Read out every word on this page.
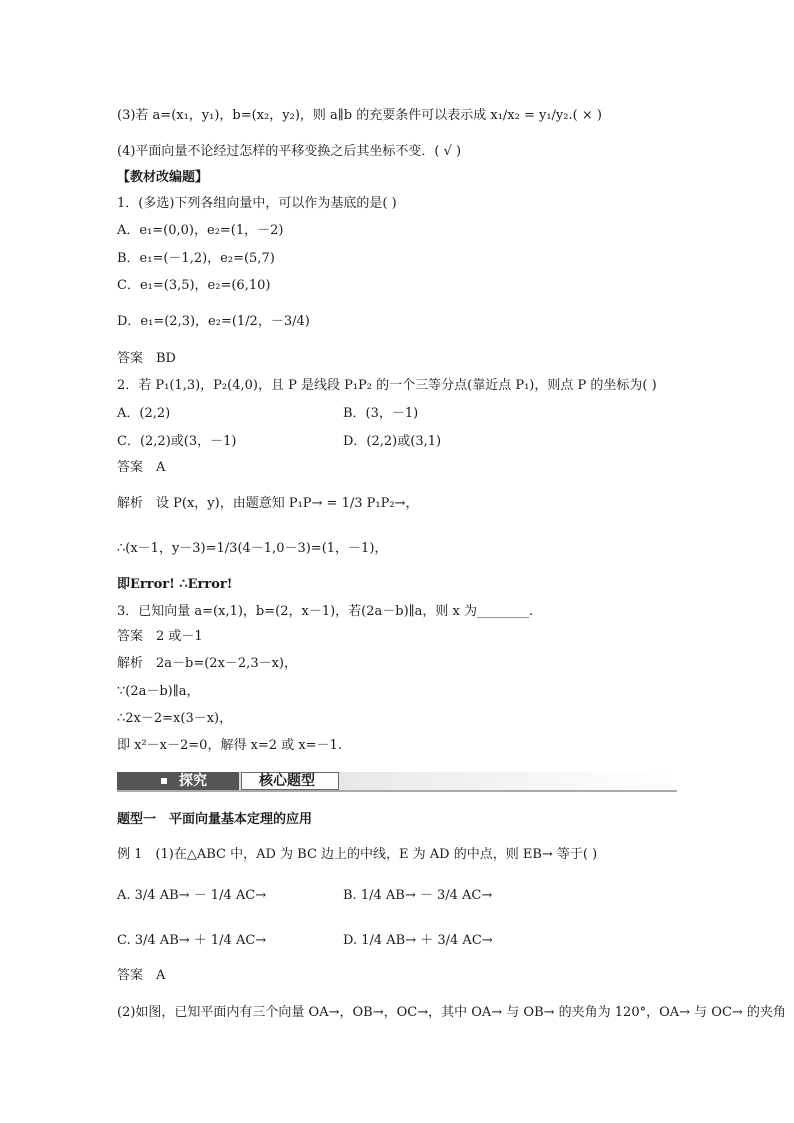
(3)若 a=(x₁，y₁)，b=(x₂，y₂)，则 a∥b 的充要条件可以表示成 x₁/x₂ = y₁/y₂.( × )
(4)平面向量不论经过怎样的平移变换之后其坐标不变．( √ )
【教材改编题】
1．(多选)下列各组向量中，可以作为基底的是( )
A．e₁=(0,0)，e₂=(1，－2)
B．e₁=(－1,2)，e₂=(5,7)
C．e₁=(3,5)，e₂=(6,10)
D．e₁=(2,3)，e₂=(1/2，－3/4)
答案　BD
2．若 P₁(1,3)，P₂(4,0)，且 P 是线段 P₁P₂ 的一个三等分点(靠近点 P₁)，则点 P 的坐标为( )
A．(2,2)
C．(2,2)或(3，－1)
答案　A
解析　设 P(x，y)，由题意知 P₁P→ = 1/3 P₁P₂→，
∴(x－1，y－3)=1/3(4－1,0－3)=(1，－1)，
即Error! ∴Error!
3．已知向量 a=(x,1)，b=(2，x－1)，若(2a－b)∥a，则 x 为________.
答案　2 或－1
解析　2a－b=(2x－2,3－x)，
∵(2a－b)∥a，
∴2x－2=x(3－x)，
即 x²－x－2=0，解得 x=2 或 x=－1.
题型一　平面向量基本定理的应用
例 1　(1)在△ABC 中，AD 为 BC 边上的中线，E 为 AD 的中点，则 EB→ 等于( )
A. 3/4 AB→ － 1/4 AC→
C. 3/4 AB→ ＋ 1/4 AC→
答案　A
(2)如图，已知平面内有三个向量 OA→，OB→，OC→，其中 OA→ 与 OB→ 的夹角为 120°，OA→ 与 OC→ 的夹角
B．(3，－1)
D．(2,2)或(3,1)
B. 1/4 AB→ － 3/4 AC→
D. 1/4 AB→ ＋ 3/4 AC→
探究	核心题型
